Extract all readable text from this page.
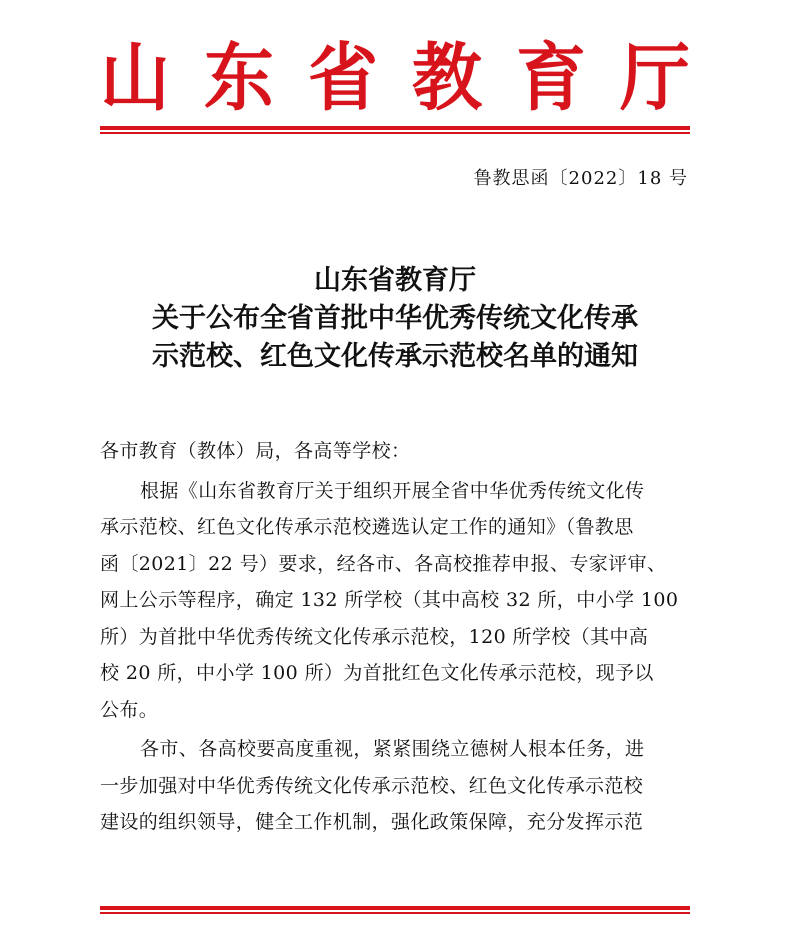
山 东 省 教 育 厅
鲁教思函〔2022〕18 号
山东省教育厅
关于公布全省首批中华优秀传统文化传承
示范校、红色文化传承示范校名单的通知
各市教育（教体）局，各高等学校：
根据《山东省教育厅关于组织开展全省中华优秀传统文化传
承示范校、红色文化传承示范校遴选认定工作的通知》（鲁教思
函〔2021〕22 号）要求，经各市、各高校推荐申报、专家评审、
网上公示等程序，确定 132 所学校（其中高校 32 所，中小学 100
所）为首批中华优秀传统文化传承示范校，120 所学校（其中高
校 20 所，中小学 100 所）为首批红色文化传承示范校，现予以
公布。
各市、各高校要高度重视，紧紧围绕立德树人根本任务，进
一步加强对中华优秀传统文化传承示范校、红色文化传承示范校
建设的组织领导，健全工作机制，强化政策保障，充分发挥示范
